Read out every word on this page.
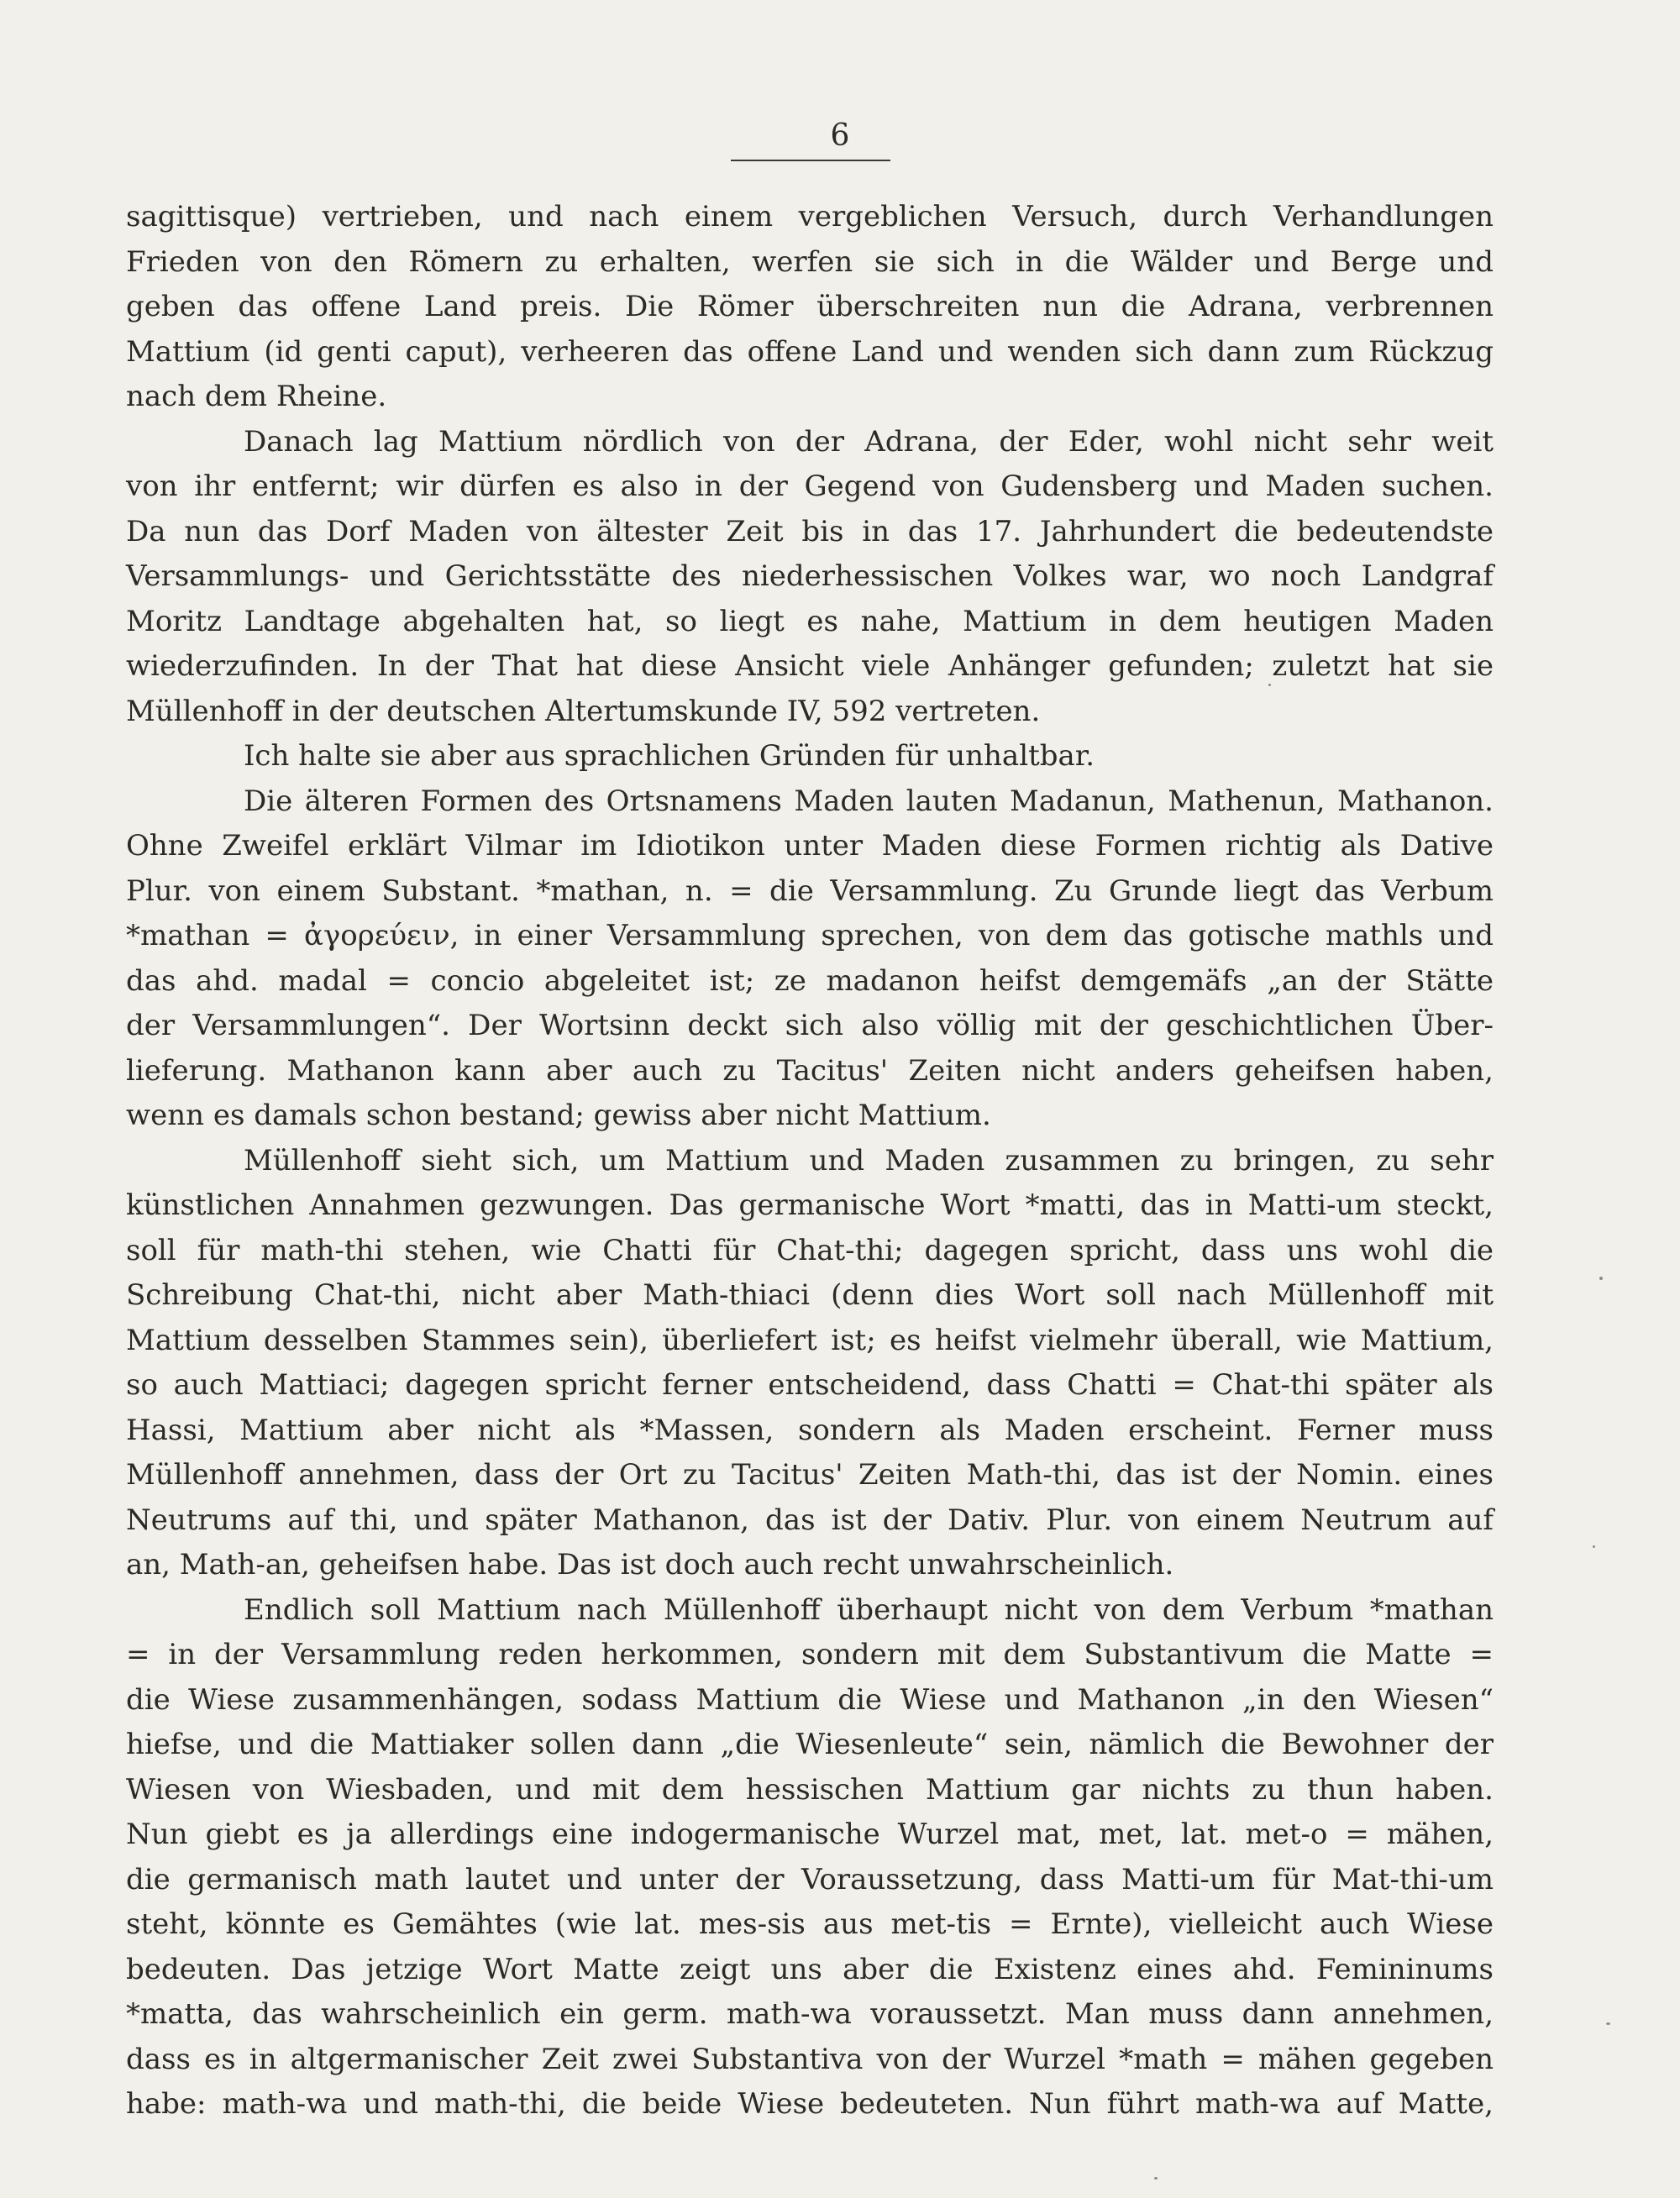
6
sagittisque) vertrieben, und nach einem vergeblichen Versuch, durch Verhandlungen
Frieden von den Römern zu erhalten, werfen sie sich in die Wälder und Berge und
geben das offene Land preis. Die Römer überschreiten nun die Adrana, verbrennen
Mattium (id genti caput), verheeren das offene Land und wenden sich dann zum Rückzug
nach dem Rheine.
Danach lag Mattium nördlich von der Adrana, der Eder, wohl nicht sehr weit
von ihr entfernt; wir dürfen es also in der Gegend von Gudensberg und Maden suchen.
Da nun das Dorf Maden von ältester Zeit bis in das 17. Jahrhundert die bedeutendste
Versammlungs- und Gerichtsstätte des niederhessischen Volkes war, wo noch Landgraf
Moritz Landtage abgehalten hat, so liegt es nahe, Mattium in dem heutigen Maden
wiederzufinden. In der That hat diese Ansicht viele Anhänger gefunden; zuletzt hat sie
Müllenhoff in der deutschen Altertumskunde IV, 592 vertreten.
Ich halte sie aber aus sprachlichen Gründen für unhaltbar.
Die älteren Formen des Ortsnamens Maden lauten Madanun, Mathenun, Mathanon.
Ohne Zweifel erklärt Vilmar im Idiotikon unter Maden diese Formen richtig als Dative
Plur. von einem Substant. *mathan, n. = die Versammlung. Zu Grunde liegt das Verbum
*mathan = ἀγορεύειν, in einer Versammlung sprechen, von dem das gotische mathls und
das ahd. madal = concio abgeleitet ist; ze madanon heifst demgemäfs „an der Stätte
der Versammlungen“. Der Wortsinn deckt sich also völlig mit der geschichtlichen Über-
lieferung. Mathanon kann aber auch zu Tacitus' Zeiten nicht anders geheifsen haben,
wenn es damals schon bestand; gewiss aber nicht Mattium.
Müllenhoff sieht sich, um Mattium und Maden zusammen zu bringen, zu sehr
künstlichen Annahmen gezwungen. Das germanische Wort *matti, das in Matti-um steckt,
soll für math-thi stehen, wie Chatti für Chat-thi; dagegen spricht, dass uns wohl die
Schreibung Chat-thi, nicht aber Math-thiaci (denn dies Wort soll nach Müllenhoff mit
Mattium desselben Stammes sein), überliefert ist; es heifst vielmehr überall, wie Mattium,
so auch Mattiaci; dagegen spricht ferner entscheidend, dass Chatti = Chat-thi später als
Hassi, Mattium aber nicht als *Massen, sondern als Maden erscheint. Ferner muss
Müllenhoff annehmen, dass der Ort zu Tacitus' Zeiten Math-thi, das ist der Nomin. eines
Neutrums auf thi, und später Mathanon, das ist der Dativ. Plur. von einem Neutrum auf
an, Math-an, geheifsen habe. Das ist doch auch recht unwahrscheinlich.
Endlich soll Mattium nach Müllenhoff überhaupt nicht von dem Verbum *mathan
= in der Versammlung reden herkommen, sondern mit dem Substantivum die Matte =
die Wiese zusammenhängen, sodass Mattium die Wiese und Mathanon „in den Wiesen“
hiefse, und die Mattiaker sollen dann „die Wiesenleute“ sein, nämlich die Bewohner der
Wiesen von Wiesbaden, und mit dem hessischen Mattium gar nichts zu thun haben.
Nun giebt es ja allerdings eine indogermanische Wurzel mat, met, lat. met-o = mähen,
die germanisch math lautet und unter der Voraussetzung, dass Matti-um für Mat-thi-um
steht, könnte es Gemähtes (wie lat. mes-sis aus met-tis = Ernte), vielleicht auch Wiese
bedeuten. Das jetzige Wort Matte zeigt uns aber die Existenz eines ahd. Femininums
*matta, das wahrscheinlich ein germ. math-wa voraussetzt. Man muss dann annehmen,
dass es in altgermanischer Zeit zwei Substantiva von der Wurzel *math = mähen gegeben
habe: math-wa und math-thi, die beide Wiese bedeuteten. Nun führt math-wa auf Matte,
